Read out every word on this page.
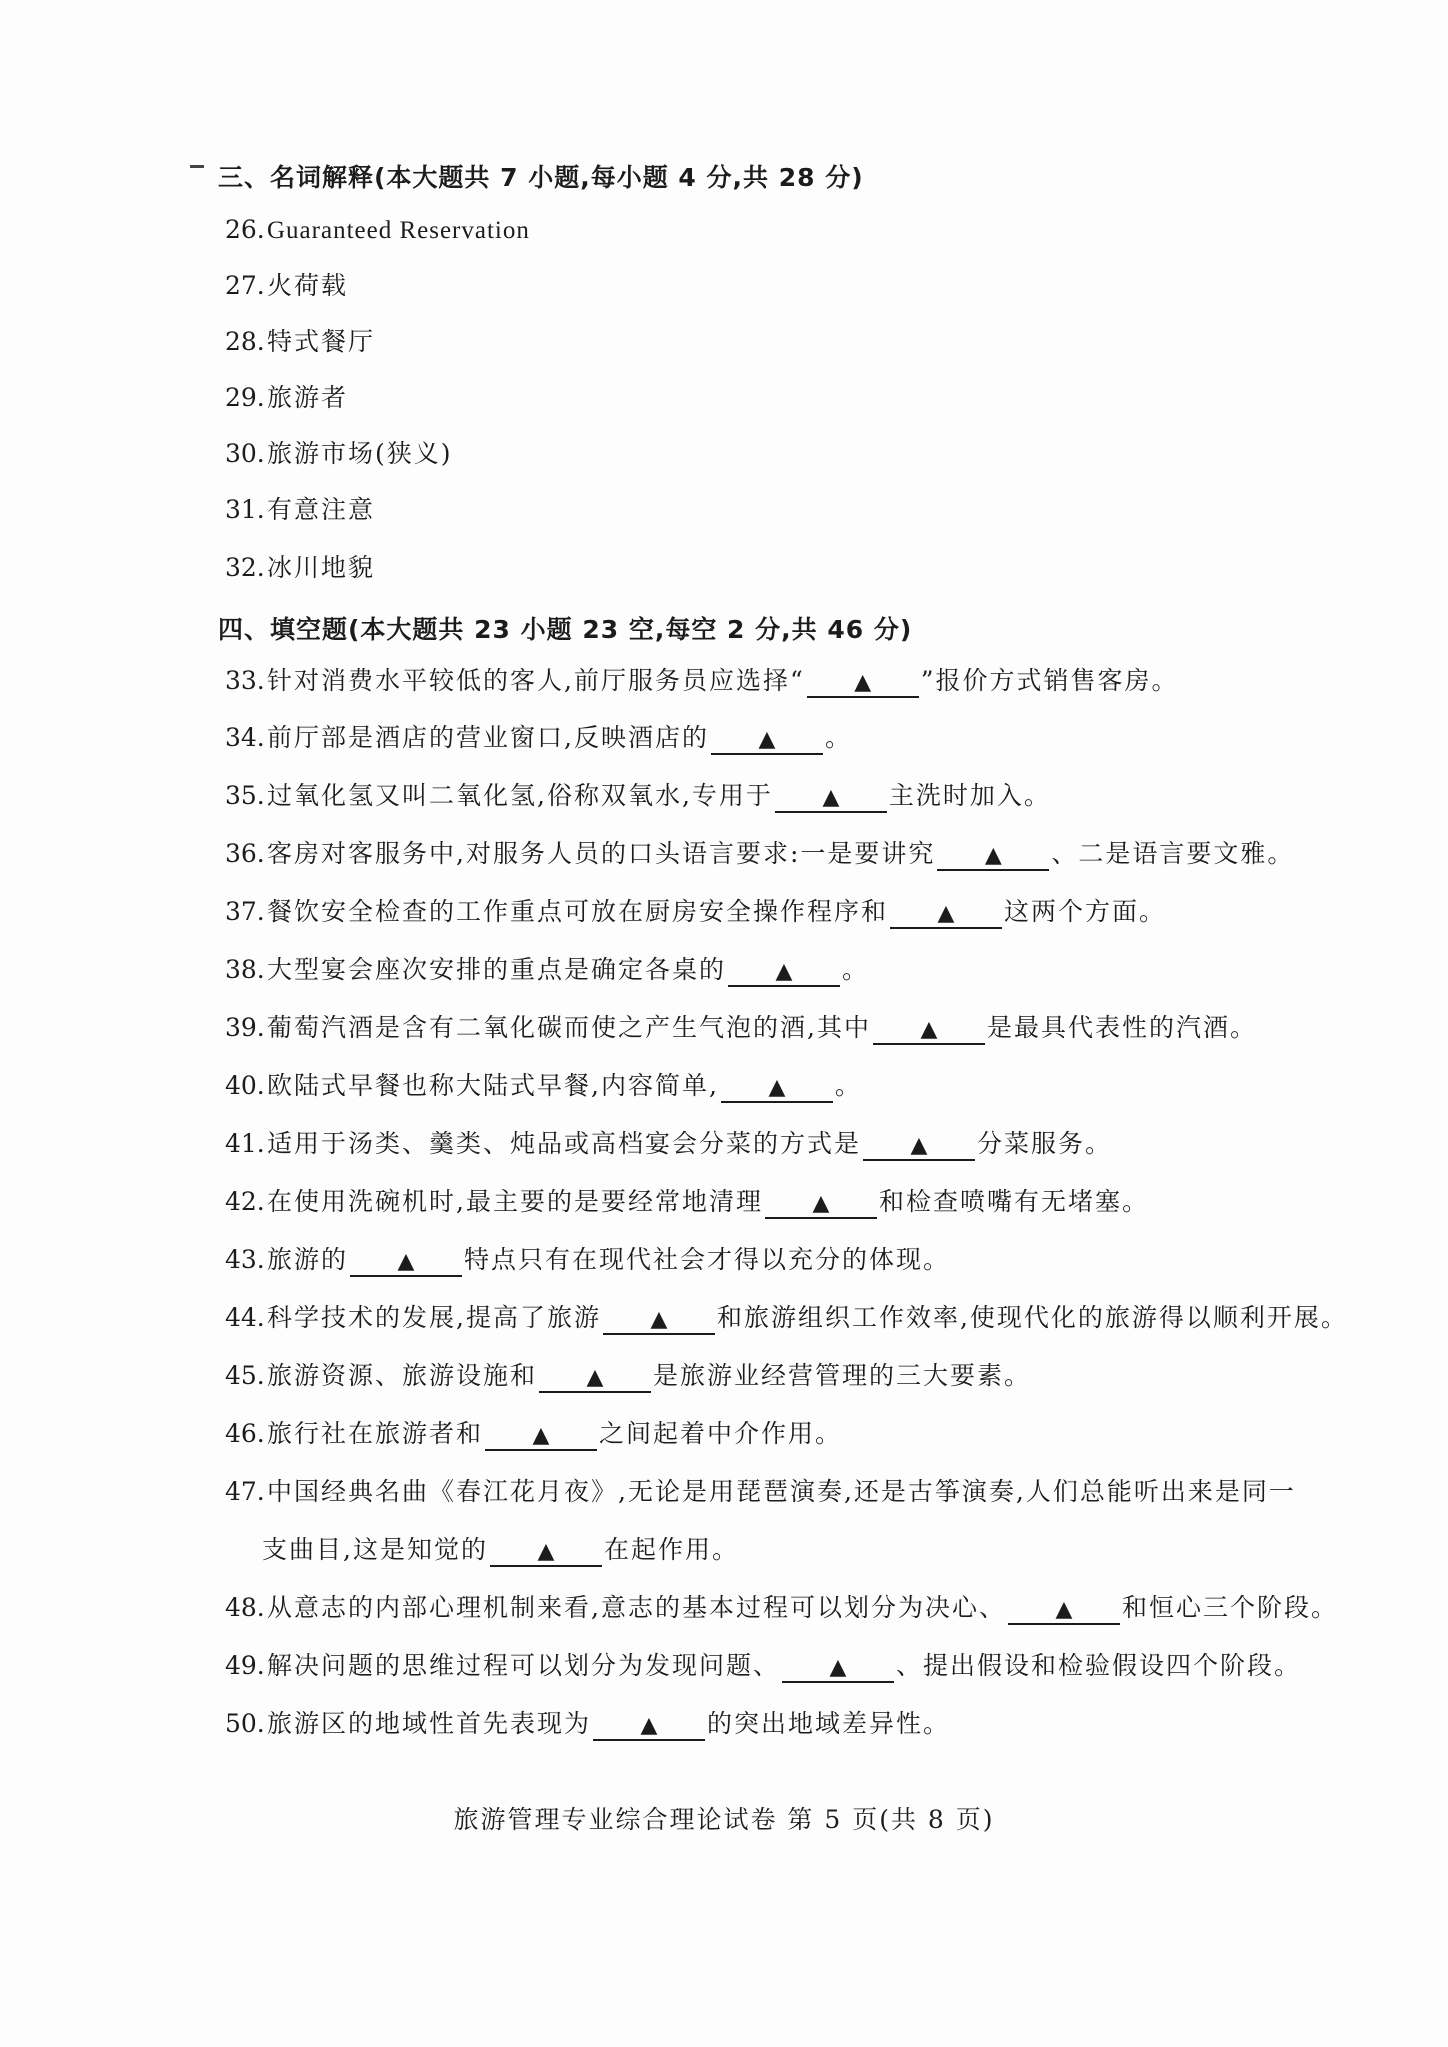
三、名词解释(本大题共 7 小题,每小题 4 分,共 28 分)
26.Guaranteed Reservation
27.火荷载
28.特式餐厅
29.旅游者
30.旅游市场(狭义)
31.有意注意
32.冰川地貌
四、填空题(本大题共 23 小题 23 空,每空 2 分,共 46 分)
33.针对消费水平较低的客人,前厅服务员应选择“ ▲ ”报价方式销售客房。
34.前厅部是酒店的营业窗口,反映酒店的 ▲ 。
35.过氧化氢又叫二氧化氢,俗称双氧水,专用于 ▲ 主洗时加入。
36.客房对客服务中,对服务人员的口头语言要求:一是要讲究 ▲ 、二是语言要文雅。
37.餐饮安全检查的工作重点可放在厨房安全操作程序和 ▲ 这两个方面。
38.大型宴会座次安排的重点是确定各桌的 ▲ 。
39.葡萄汽酒是含有二氧化碳而使之产生气泡的酒,其中 ▲ 是最具代表性的汽酒。
40.欧陆式早餐也称大陆式早餐,内容简单, ▲ 。
41.适用于汤类、羹类、炖品或高档宴会分菜的方式是 ▲ 分菜服务。
42.在使用洗碗机时,最主要的是要经常地清理 ▲ 和检查喷嘴有无堵塞。
43.旅游的 ▲ 特点只有在现代社会才得以充分的体现。
44.科学技术的发展,提高了旅游 ▲ 和旅游组织工作效率,使现代化的旅游得以顺利开展。
45.旅游资源、旅游设施和 ▲ 是旅游业经营管理的三大要素。
46.旅行社在旅游者和 ▲ 之间起着中介作用。
47.中国经典名曲《春江花月夜》,无论是用琵琶演奏,还是古筝演奏,人们总能听出来是同一
支曲目,这是知觉的 ▲ 在起作用。
48.从意志的内部心理机制来看,意志的基本过程可以划分为决心、 ▲ 和恒心三个阶段。
49.解决问题的思维过程可以划分为发现问题、 ▲ 、提出假设和检验假设四个阶段。
50.旅游区的地域性首先表现为 ▲ 的突出地域差异性。
旅游管理专业综合理论试卷 第 5 页(共 8 页)
